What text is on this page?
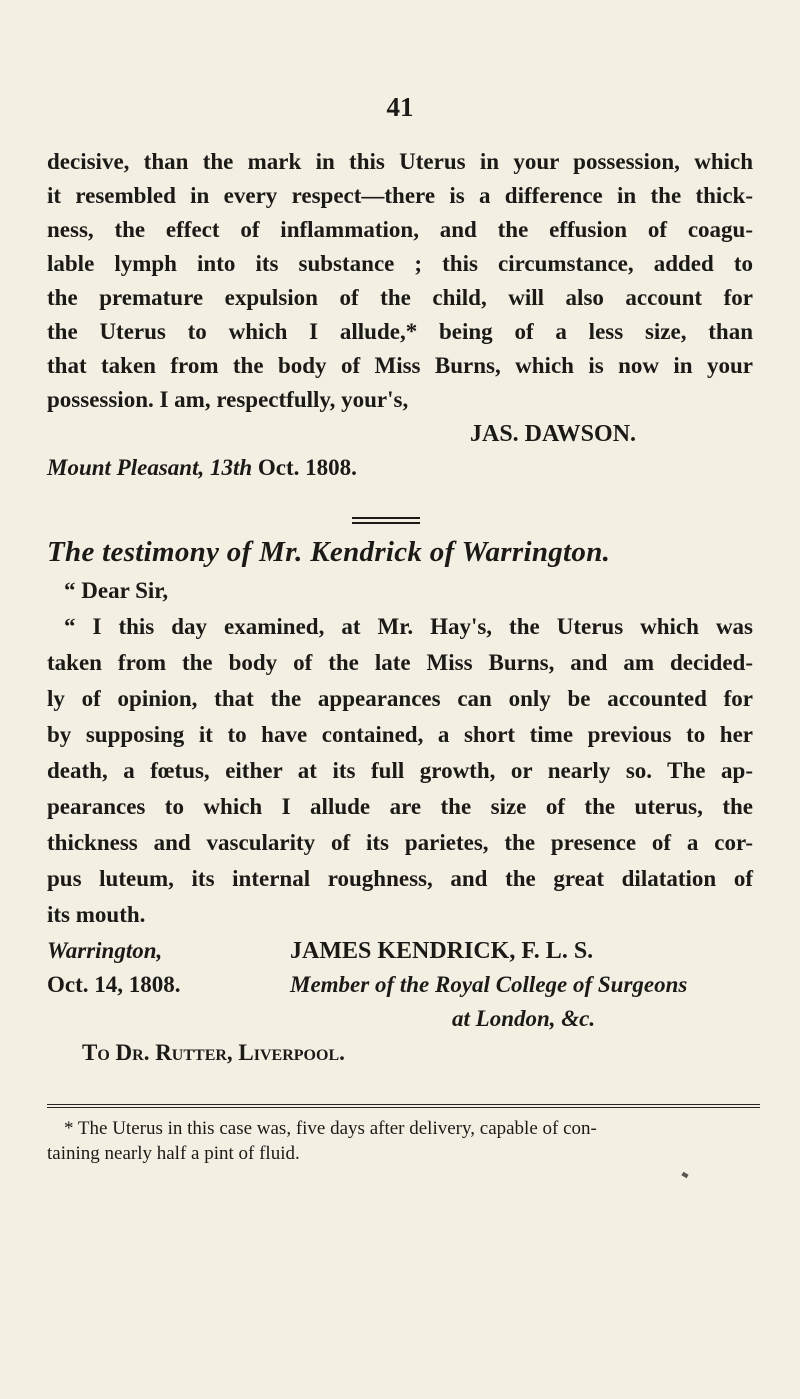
41
decisive, than the mark in this Uterus in your possession, which
it resembled in every respect—there is a difference in the thick-
ness, the effect of inflammation, and the effusion of coagu-
lable lymph into its substance ; this circumstance, added to
the premature expulsion of the child, will also account for
the Uterus to which I allude,* being of a less size, than
that taken from the body of Miss Burns, which is now in your
possession. I am, respectfully, your's,
JAS. DAWSON.
Mount Pleasant, 13th Oct. 1808.
The testimony of Mr. Kendrick of Warrington.
“ Dear Sir,
“ I this day examined, at Mr. Hay's, the Uterus which was
taken from the body of the late Miss Burns, and am decided-
ly of opinion, that the appearances can only be accounted for
by supposing it to have contained, a short time previous to her
death, a fœtus, either at its full growth, or nearly so. The ap-
pearances to which I allude are the size of the uterus, the
thickness and vascularity of its parietes, the presence of a cor-
pus luteum, its internal roughness, and the great dilatation of
its mouth.
Warrington,	JAMES KENDRICK, F. L. S.
Oct. 14, 1808.	Member of the Royal College of Surgeons
at London, &c.
To Dr. Rutter, Liverpool.
* The Uterus in this case was, five days after delivery, capable of con-
taining nearly half a pint of fluid.
